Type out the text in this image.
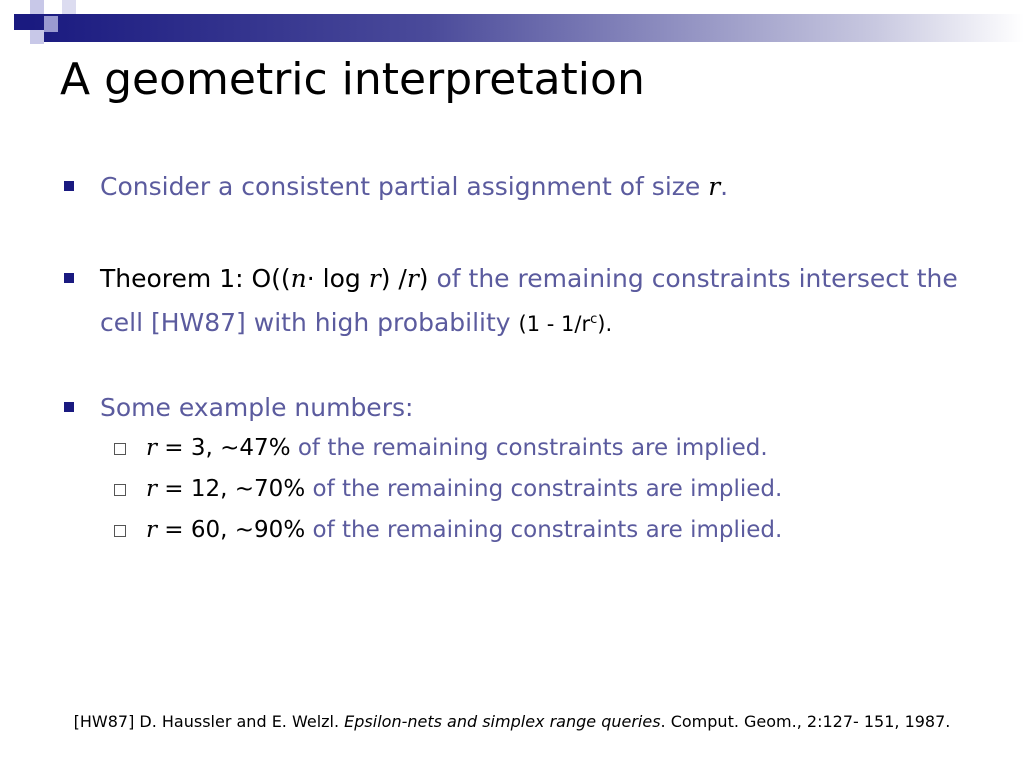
A geometric interpretation
Consider a consistent partial assignment of size r.
Theorem 1: O((n· log r) /r) of the remaining constraints intersect the cell [HW87] with high probability $(1 - 1/r^c)$.
Some example numbers:
r = 3, ~47% of the remaining constraints are implied.
r = 12, ~70% of the remaining constraints are implied.
r = 60, ~90% of the remaining constraints are implied.
[HW87] D. Haussler and E. Welzl. Epsilon-nets and simplex range queries. Comput. Geom., 2:127- 151, 1987.
